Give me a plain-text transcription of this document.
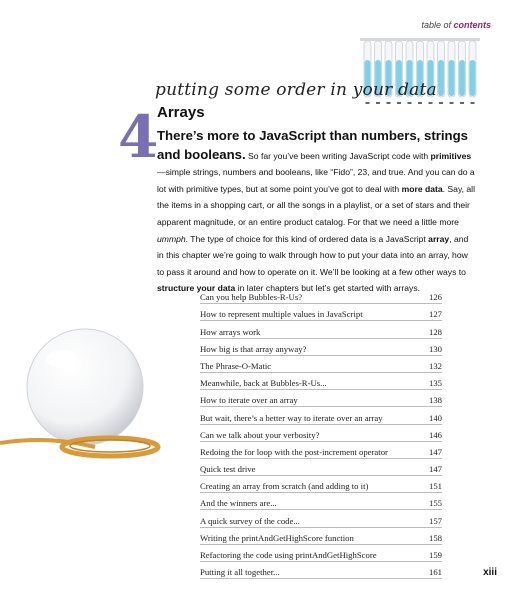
table of contents
putting some order in your data
4
Arrays
There’s more to JavaScript than numbers, strings and booleans. So far you’ve been writing JavaScript code with primitives—simple strings, numbers and booleans, like “Fido”, 23, and true. And you can do a lot with primitive types, but at some point you’ve got to deal with more data. Say, all the items in a shopping cart, or all the songs in a playlist, or a set of stars and their apparent magnitude, or an entire product catalog. For that we need a little more ummph. The type of choice for this kind of ordered data is a JavaScript array, and in this chapter we’re going to walk through how to put your data into an array, how to pass it around and how to operate on it. We’ll be looking at a few other ways to structure your data in later chapters but let’s get started with arrays.
Can you help Bubbles-R-Us?	126
How to represent multiple values in JavaScript	127
How arrays work	128
How big is that array anyway?	130
The Phrase-O-Matic	132
Meanwhile, back at Bubbles-R-Us...	135
How to iterate over an array	138
But wait, there’s a better way to iterate over an array	140
Can we talk about your verbosity?	146
Redoing the for loop with the post-increment operator	147
Quick test drive	147
Creating an array from scratch (and adding to it)	151
And the winners are...	155
A quick survey of the code...	157
Writing the printAndGetHighScore function	158
Refactoring the code using printAndGetHighScore	159
Putting it all together...	161	xiii
